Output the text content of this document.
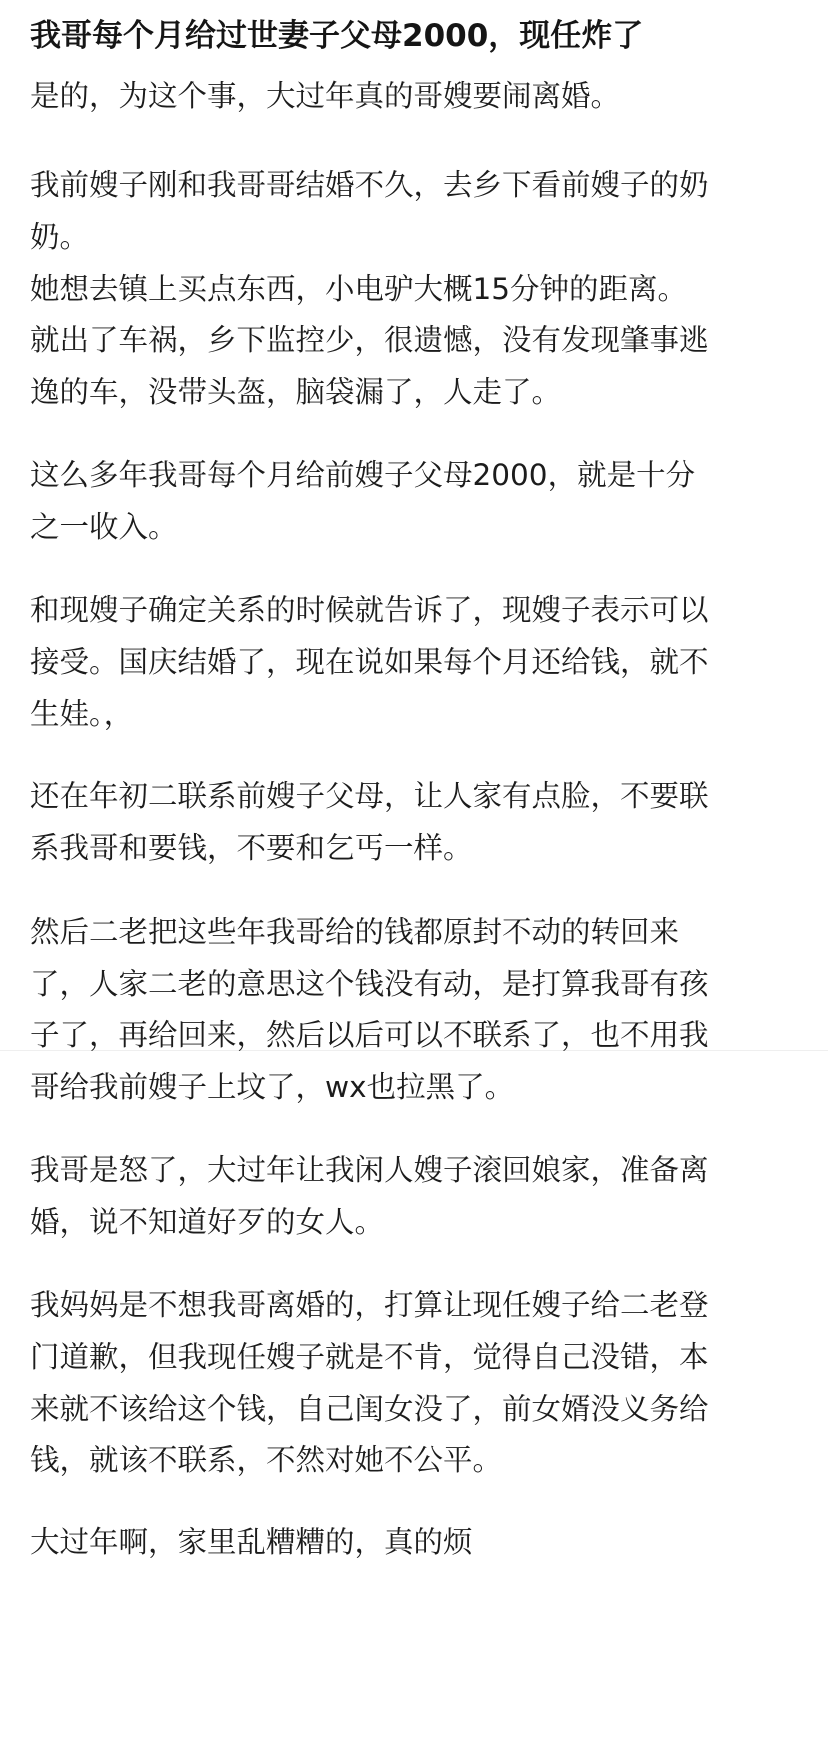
我哥每个月给过世妻子父母2000，现任炸了

是的，为这个事，大过年真的哥嫂要闹离婚。

我前嫂子刚和我哥哥结婚不久，去乡下看前嫂子的奶

奶。

她想去镇上买点东西，小电驴大概15分钟的距离。

就出了车祸，乡下监控少，很遗憾，没有发现肇事逃

逸的车，没带头盔，脑袋漏了，人走了。

这么多年我哥每个月给前嫂子父母2000，就是十分

之一收入。

和现嫂子确定关系的时候就告诉了，现嫂子表示可以

接受。国庆结婚了，现在说如果每个月还给钱，就不

生娃。，

还在年初二联系前嫂子父母，让人家有点脸，不要联

系我哥和要钱，不要和乞丐一样。

然后二老把这些年我哥给的钱都原封不动的转回来

了，人家二老的意思这个钱没有动，是打算我哥有孩

子了，再给回来，然后以后可以不联系了，也不用我

哥给我前嫂子上坟了，wx也拉黑了。

我哥是怒了，大过年让我闲人嫂子滚回娘家，准备离

婚，说不知道好歹的女人。

我妈妈是不想我哥离婚的，打算让现任嫂子给二老登

门道歉，但我现任嫂子就是不肯，觉得自己没错，本

来就不该给这个钱，自己闺女没了，前女婿没义务给

钱，就该不联系，不然对她不公平。

大过年啊，家里乱糟糟的，真的烦
